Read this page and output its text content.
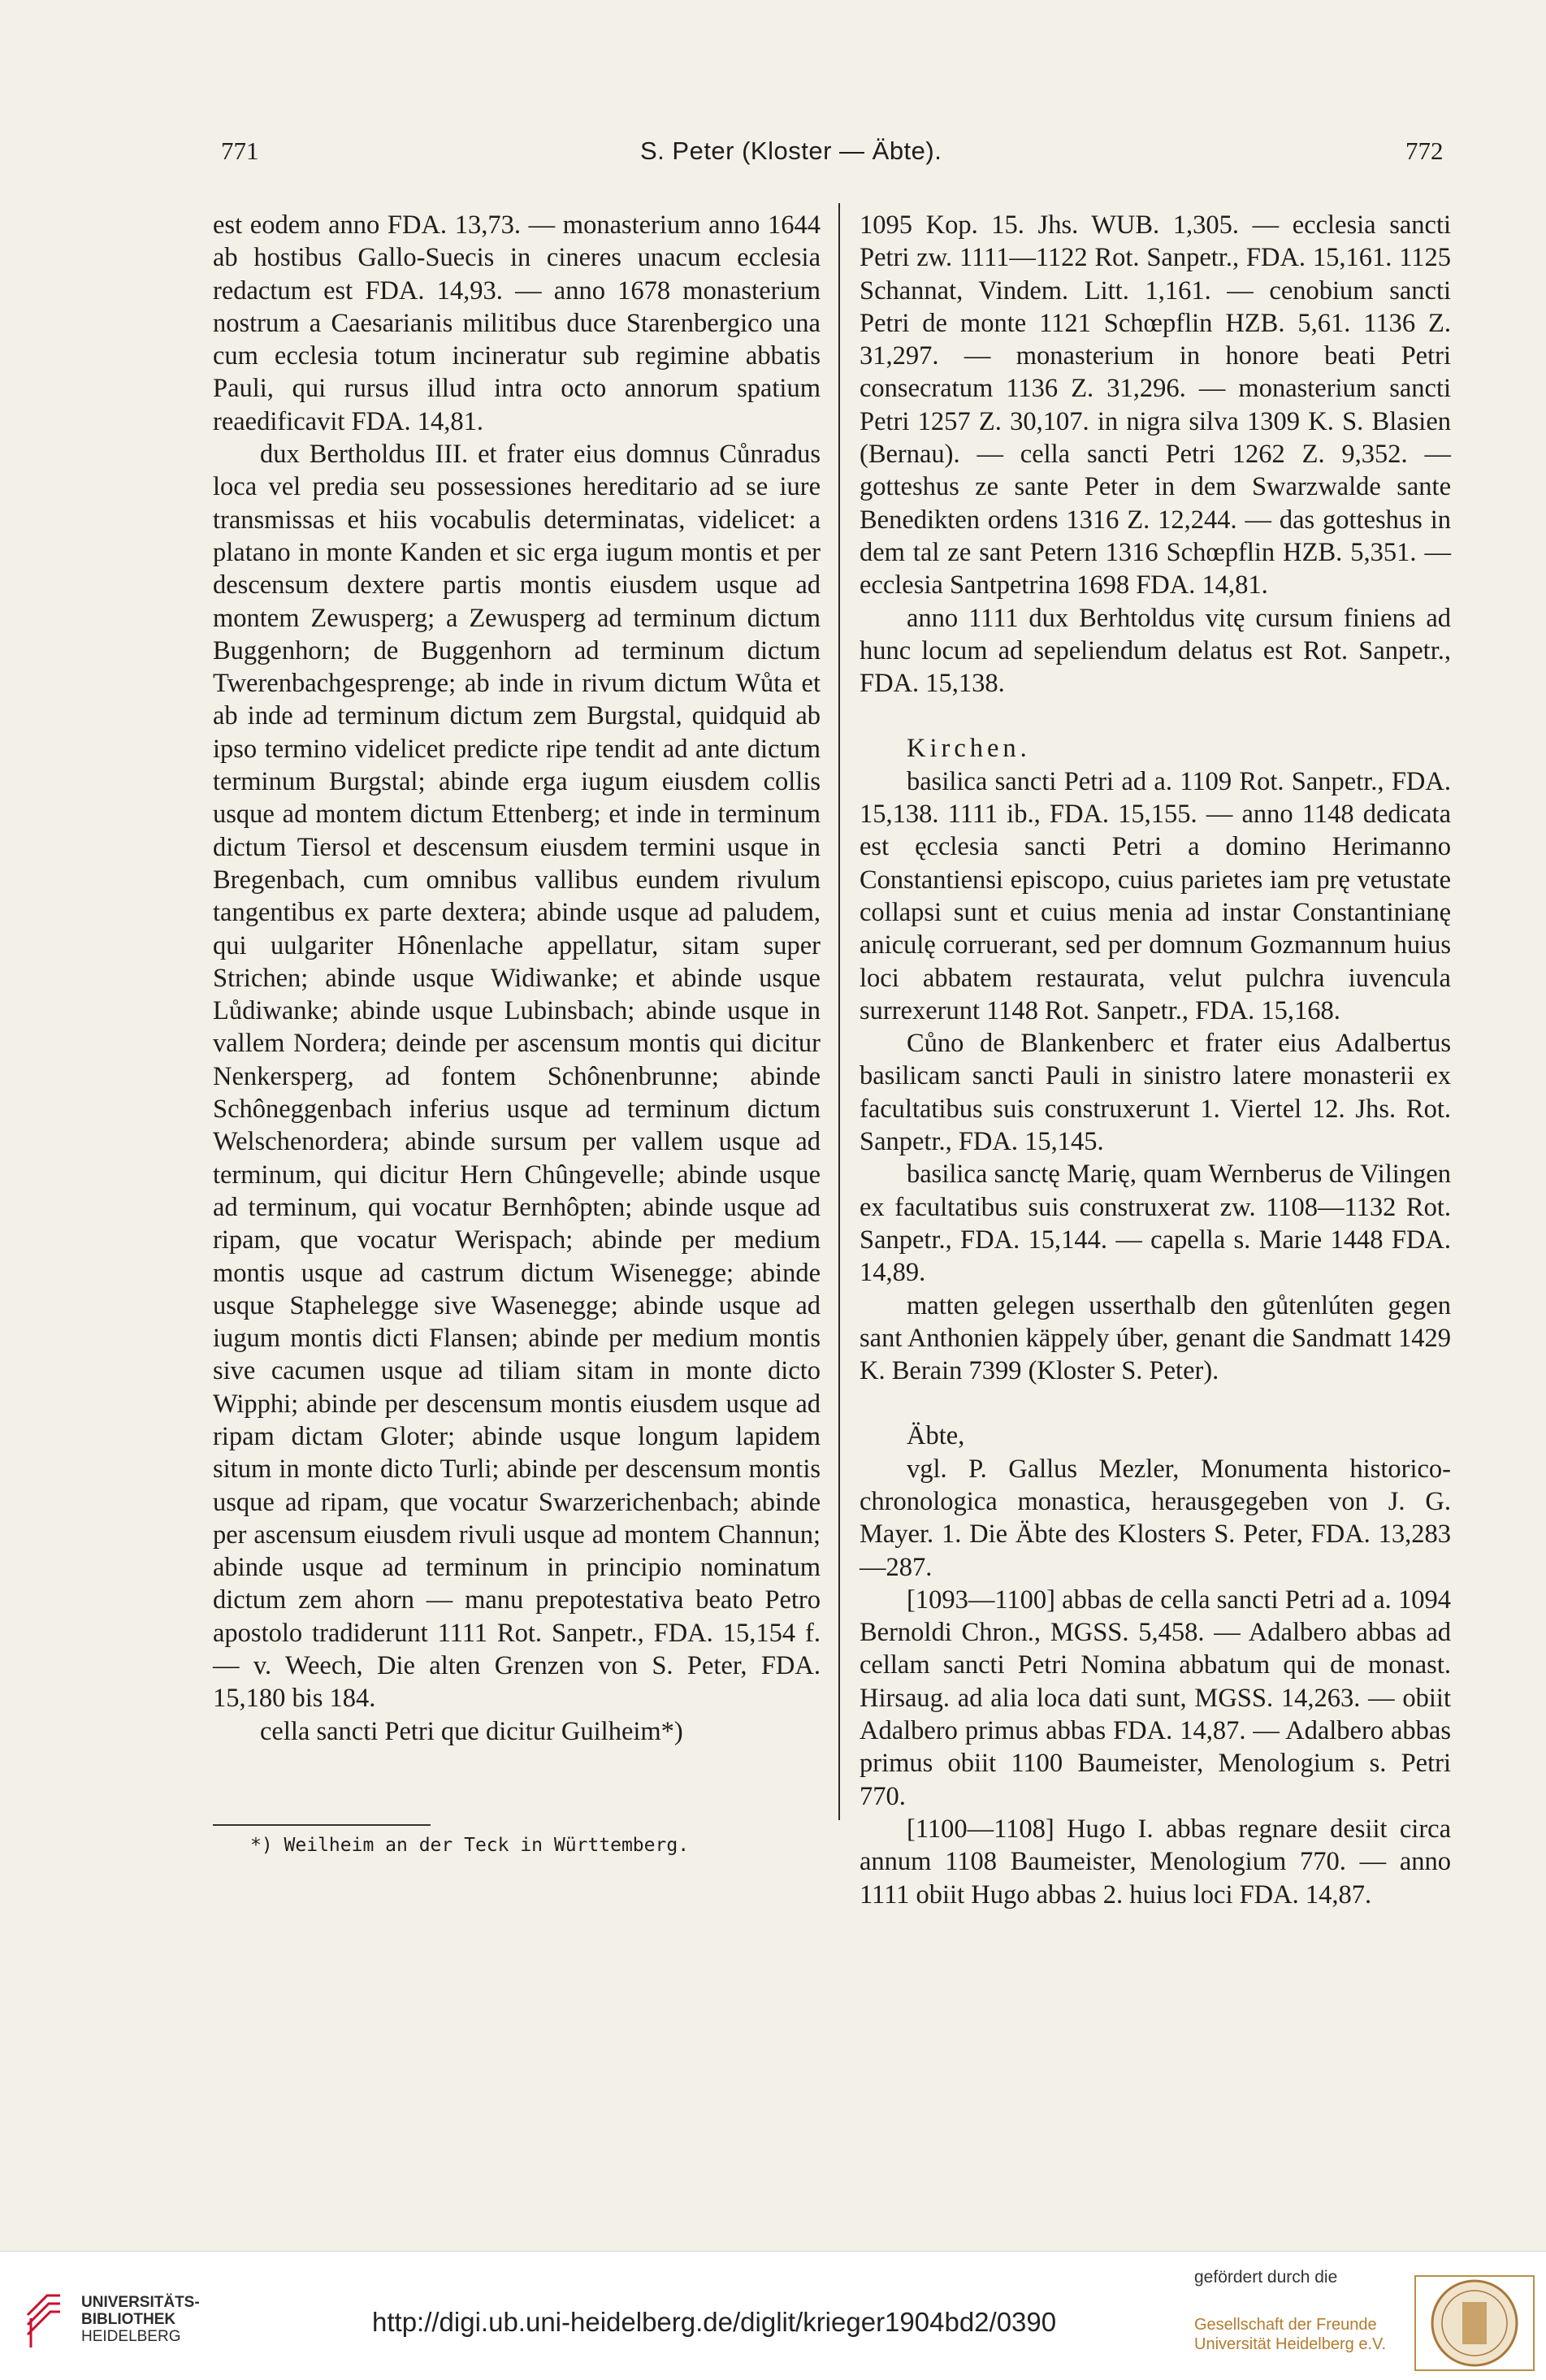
771	S. Peter (Kloster — Äbte).	772

est eodem anno FDA. 13,73. — monasterium anno 1644 ab hostibus Gallo-Suecis in cineres unacum ecclesia redactum est FDA. 14,93. — anno 1678 monasterium nostrum a Caesarianis militibus duce Starenbergico una cum ecclesia totum incineratur sub regimine abbatis Pauli, qui rursus illud intra octo annorum spatium reaedificavit FDA. 14,81.

dux Bertholdus III. et frater eius domnus Cůnradus loca vel predia seu possessiones hereditario ad se iure transmissas et hiis vocabulis determinatas, videlicet: a platano in monte Kanden et sic erga iugum montis et per descensum dextere partis montis eiusdem usque ad montem Zewusperg; a Zewusperg ad terminum dictum Buggenhorn; de Buggenhorn ad terminum dictum Twerenbachgesprenge; ab inde in rivum dictum Wůta et ab inde ad terminum dictum zem Burgstal, quidquid ab ipso termino videlicet predicte ripe tendit ad ante dictum terminum Burgstal; abinde erga iugum eiusdem collis usque ad montem dictum Ettenberg; et inde in terminum dictum Tiersol et descensum eiusdem termini usque in Bregenbach, cum omnibus vallibus eundem rivulum tangentibus ex parte dextera; abinde usque ad paludem, qui uulgariter Hônenlache appellatur, sitam super Strichen; abinde usque Widiwanke; et abinde usque Lůdiwanke; abinde usque Lubinsbach; abinde usque in vallem Nordera; deinde per ascensum montis qui dicitur Nenkersperg, ad fontem Schônenbrunne; abinde Schôneggenbach inferius usque ad terminum dictum Welschenordera; abinde sursum per vallem usque ad terminum, qui dicitur Hern Chûngevelle; abinde usque ad terminum, qui vocatur Bernhôpten; abinde usque ad ripam, que vocatur Werispach; abinde per medium montis usque ad castrum dictum Wisenegge; abinde usque Staphelegge sive Wasenegge; abinde usque ad iugum montis dicti Flansen; abinde per medium montis sive cacumen usque ad tiliam sitam in monte dicto Wipphi; abinde per descensum montis eiusdem usque ad ripam dictam Gloter; abinde usque longum lapidem situm in monte dicto Turli; abinde per descensum montis usque ad ripam, que vocatur Swarzerichenbach; abinde per ascensum eiusdem rivuli usque ad montem Channun; abinde usque ad terminum in principio nominatum dictum zem ahorn — manu prepotestativa beato Petro apostolo tradiderunt 1111 Rot. Sanpetr., FDA. 15,154 f. — v. Weech, Die alten Grenzen von S. Peter, FDA. 15,180 bis 184.

cella sancti Petri que dicitur Guilheim*)

*) Weilheim an der Teck in Württemberg.

1095 Kop. 15. Jhs. WUB. 1,305. — ecclesia sancti Petri zw. 1111—1122 Rot. Sanpetr., FDA. 15,161. 1125 Schannat, Vindem. Litt. 1,161. — cenobium sancti Petri de monte 1121 Schœpflin HZB. 5,61. 1136 Z. 31,297. — monasterium in honore beati Petri consecratum 1136 Z. 31,296. — monasterium sancti Petri 1257 Z. 30,107. in nigra silva 1309 K. S. Blasien (Bernau). — cella sancti Petri 1262 Z. 9,352. — gotteshus ze sante Peter in dem Swarzwalde sante Benedikten ordens 1316 Z. 12,244. — das gotteshus in dem tal ze sant Petern 1316 Schœpflin HZB. 5,351. — ecclesia Santpetrina 1698 FDA. 14,81.

anno 1111 dux Berhtoldus vitę cursum finiens ad hunc locum ad sepeliendum delatus est Rot. Sanpetr., FDA. 15,138.

Kirchen.

basilica sancti Petri ad a. 1109 Rot. Sanpetr., FDA. 15,138. 1111 ib., FDA. 15,155. — anno 1148 dedicata est ęcclesia sancti Petri a domino Herimanno Constantiensi episcopo, cuius parietes iam prę vetustate collapsi sunt et cuius menia ad instar Constantinianę aniculę corruerant, sed per domnum Gozmannum huius loci abbatem restaurata, velut pulchra iuvencula surrexerunt 1148 Rot. Sanpetr., FDA. 15,168.

Cůno de Blankenberc et frater eius Adalbertus basilicam sancti Pauli in sinistro latere monasterii ex facultatibus suis construxerunt 1. Viertel 12. Jhs. Rot. Sanpetr., FDA. 15,145.

basilica sanctę Marię, quam Wernberus de Vilingen ex facultatibus suis construxerat zw. 1108—1132 Rot. Sanpetr., FDA. 15,144. — capella s. Marie 1448 FDA. 14,89.

matten gelegen usserthalb den gůtenlúten gegen sant Anthonien käppely úber, genant die Sandmatt 1429 K. Berain 7399 (Kloster S. Peter).

Äbte,

vgl. P. Gallus Mezler, Monumenta historico-chronologica monastica, herausgegeben von J. G. Mayer. 1. Die Äbte des Klosters S. Peter, FDA. 13,283—287.

[1093—1100] abbas de cella sancti Petri ad a. 1094 Bernoldi Chron., MGSS. 5,458. — Adalbero abbas ad cellam sancti Petri Nomina abbatum qui de monast. Hirsaug. ad alia loca dati sunt, MGSS. 14,263. — obiit Adalbero primus abbas FDA. 14,87. — Adalbero abbas primus obiit 1100 Baumeister, Menologium s. Petri 770.

[1100—1108] Hugo I. abbas regnare desiit circa annum 1108 Baumeister, Menologium 770. — anno 1111 obiit Hugo abbas 2. huius loci FDA. 14,87.

UNIVERSITÄTS-
BIBLIOTHEK
HEIDELBERG	http://digi.ub.uni-heidelberg.de/diglit/krieger1904bd2/0390
gefördert durch die
Gesellschaft der Freunde
Universität Heidelberg e.V.
